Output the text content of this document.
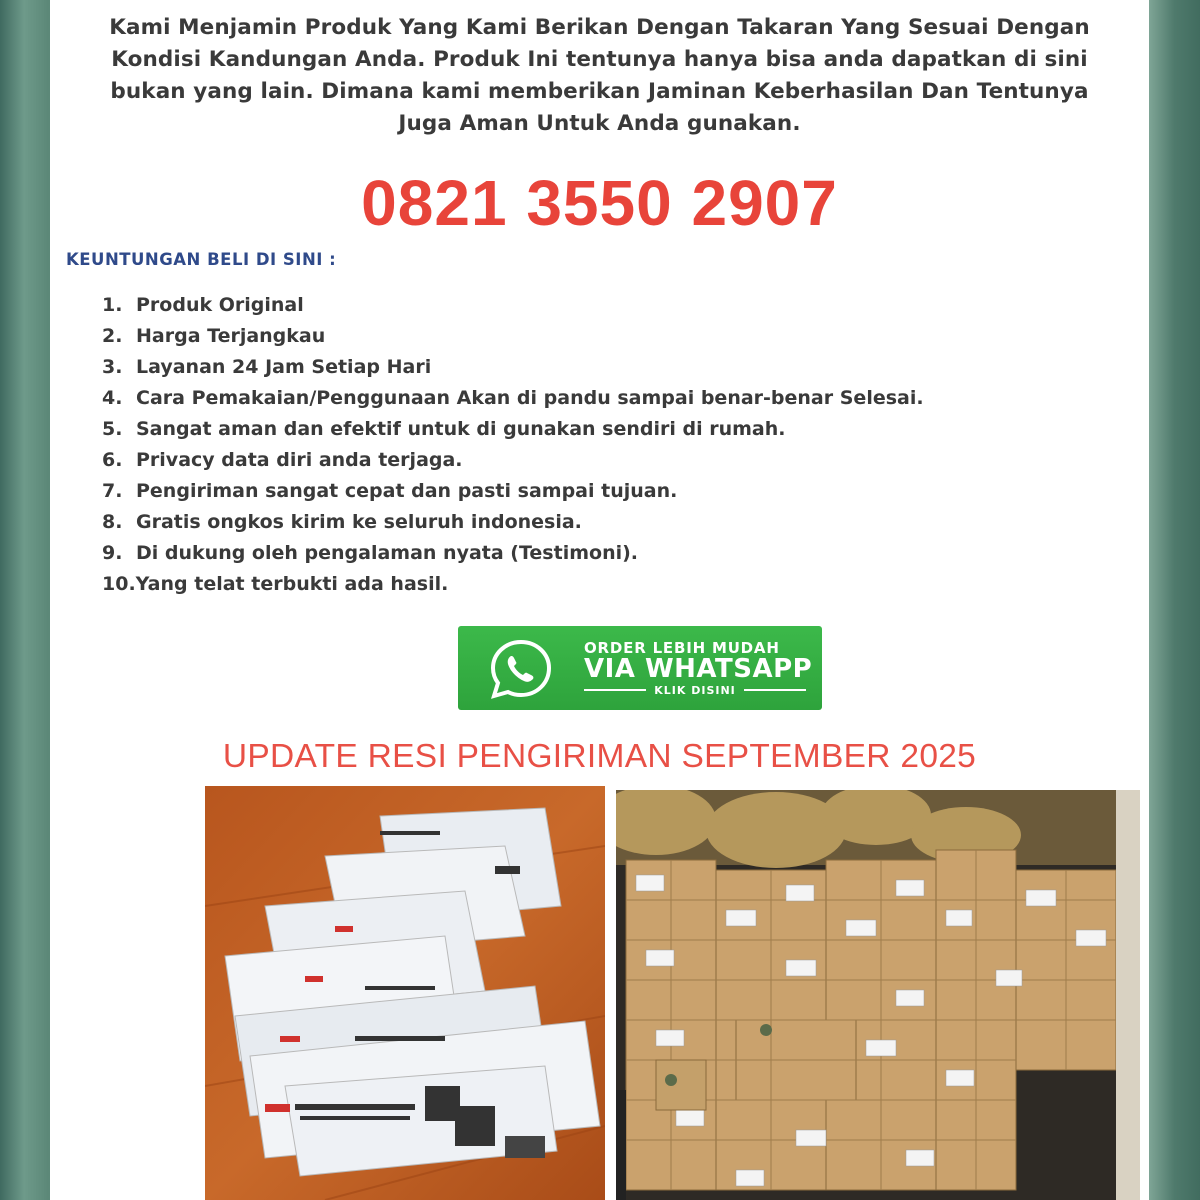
Kami Menjamin Produk Yang Kami Berikan Dengan Takaran Yang Sesuai Dengan
Kondisi Kandungan Anda. Produk Ini tentunya hanya bisa anda dapatkan di sini
bukan yang lain. Dimana kami memberikan Jaminan Keberhasilan Dan Tentunya
Juga Aman Untuk Anda gunakan.
0821 3550 2907
KEUNTUNGAN BELI DI SINI :
1. Produk Original
2. Harga Terjangkau
3. Layanan 24 Jam Setiap Hari
4. Cara Pemakaian/Penggunaan Akan di pandu sampai benar-benar Selesai.
5. Sangat aman dan efektif untuk di gunakan sendiri di rumah.
6. Privacy data diri anda terjaga.
7. Pengiriman sangat cepat dan pasti sampai tujuan.
8. Gratis ongkos kirim ke seluruh indonesia.
9. Di dukung oleh pengalaman nyata (Testimoni).
10. Yang telat terbukti ada hasil.
ORDER LEBIH MUDAH
VIA WHATSAPP
KLIK DISINI
UPDATE RESI PENGIRIMAN SEPTEMBER 2025
